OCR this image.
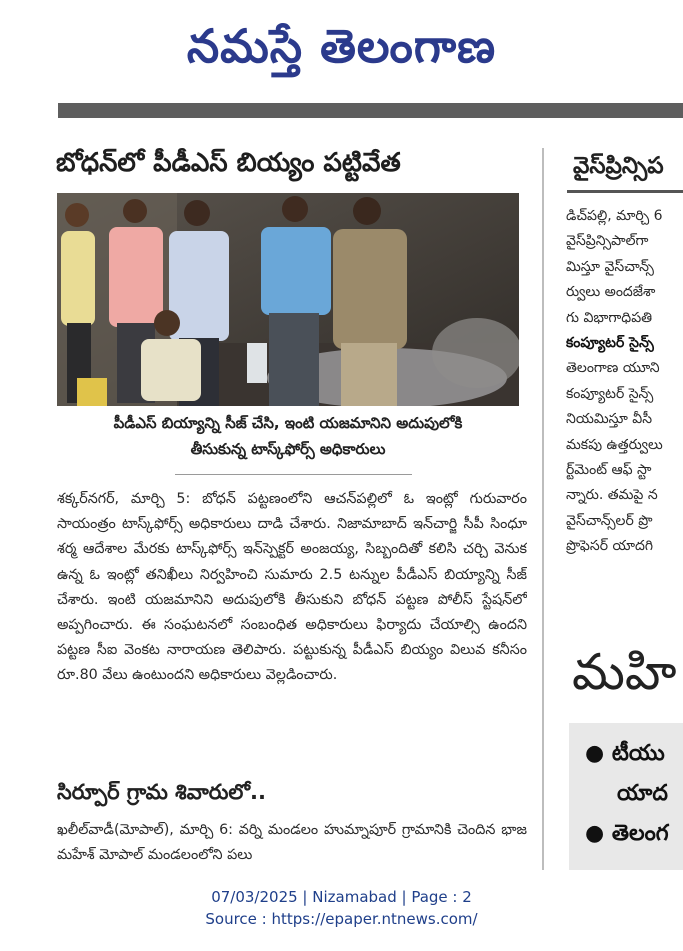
నమస్తే తెలంగాణ
బోధన్‌లో పీడీఎస్ బియ్యం పట్టివేత
పీడీఎస్ బియ్యాన్ని సీజ్ చేసి, ఇంటి యజమానిని అదుపులోకి
తీసుకున్న టాస్క్‌ఫోర్స్ అధికారులు
శక్కర్‌నగర్, మార్చి 5: బోధన్ పట్టణంలోని ఆచన్‌పల్లిలో ఓ ఇంట్లో గురువారం సాయంత్రం టాస్క్‌ఫోర్స్ అధికారులు దాడి చేశారు. నిజామాబాద్ ఇన్‌చార్జి సీపీ సింధూ శర్మ ఆదేశాల మేరకు టాస్క్‌ఫోర్స్ ఇన్‌స్పెక్టర్ అంజయ్య, సిబ్బందితో కలిసి చర్చి వెనుక ఉన్న ఓ ఇంట్లో తనిఖీలు నిర్వహించి సుమారు 2.5 టన్నుల పీడీఎస్ బియ్యాన్ని సీజ్ చేశారు. ఇంటి యజమానిని అదుపులోకి తీసుకుని బోధన్ పట్టణ పోలీస్ స్టేషన్‌లో అప్పగించారు. ఈ సంఘటనలో సంబంధిత అధికారులు ఫిర్యాదు చేయాల్సి ఉందని పట్టణ సీఐ వెంకట నారాయణ తెలిపారు. పట్టుకున్న పీడీఎస్ బియ్యం విలువ కనీసం రూ.80 వేలు ఉంటుందని అధికారులు వెల్లడించారు.
సిర్పూర్ గ్రామ శివారులో..
ఖలీల్‌వాడీ(మోపాల్), మార్చి 6: వర్ని మండలం హుమ్నాపూర్ గ్రామానికి చెందిన భాజ మహేశ్ మోపాల్ మండలంలోని పలు
వైస్‌ప్రిన్సిప
డిచ్‌పల్లి, మార్చి 6
వైస్‌ప్రిన్సిపాల్‌గా
మిస్తూ వైస్‌చాన్స్
ర్వులు అందజేశా
గు విభాగాధిపతి
కంప్యూటర్ సైన్స్
తెలంగాణ యూని
కంప్యూటర్ సైన్స్
నియమిస్తూ వీసీ
మకపు ఉత్తర్వులు
ర్ట్‌మెంట్ ఆఫ్ స్టా
న్నారు. తమపై న
వైస్‌చాన్స్‌లర్ ప్రొ
ప్రొఫెసర్ యాదగి
మహి
● టీయు
యాద
● తెలంగ
07/03/2025 | Nizamabad | Page : 2
Source : https://epaper.ntnews.com/
